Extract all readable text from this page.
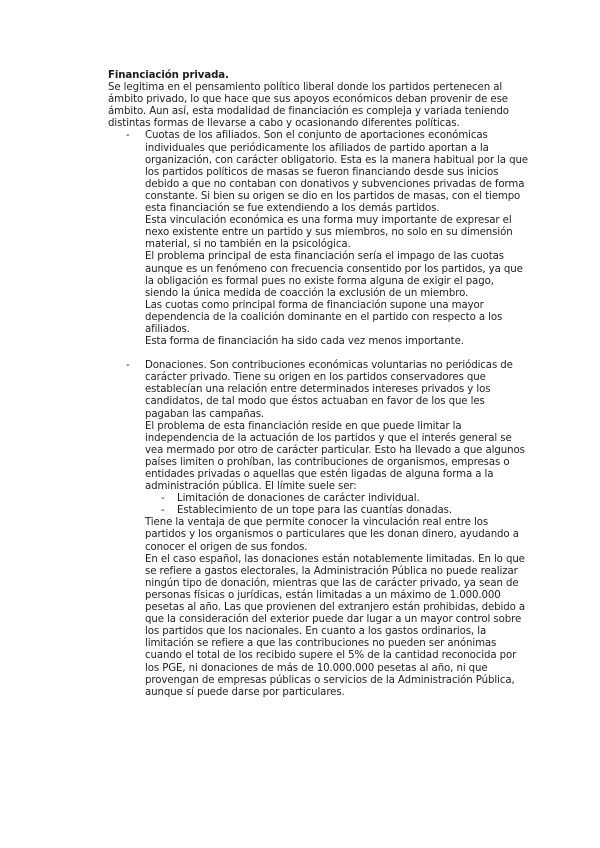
Financiación privada.

Se legitima en el pensamiento político liberal donde los partidos pertenecen al ámbito privado, lo que hace que sus apoyos económicos deban provenir de ese ámbito. Aun así, esta modalidad de financiación es compleja y variada teniendo distintas formas de llevarse a cabo y ocasionando diferentes políticas.

- Cuotas de los afiliados. Son el conjunto de aportaciones económicas individuales que periódicamente los afiliados de partido aportan a la organización, con carácter obligatorio. Esta es la manera habitual por la que los partidos políticos de masas se fueron financiando desde sus inicios debido a que no contaban con donativos y subvenciones privadas de forma constante. Si bien su origen se dio en los partidos de masas, con el tiempo esta financiación se fue extendiendo a los demás partidos.

Esta vinculación económica es una forma muy importante de expresar el nexo existente entre un partido y sus miembros, no solo en su dimensión material, si no también en la psicológica.

El problema principal de esta financiación sería el impago de las cuotas aunque es un fenómeno con frecuencia consentido por los partidos, ya que la obligación es formal pues no existe forma alguna de exigir el pago, siendo la única medida de coacción la exclusión de un miembro.

Las cuotas como principal forma de financiación supone una mayor dependencia de la coalición dominante en el partido con respecto a los afiliados.

Esta forma de financiación ha sido cada vez menos importante.

- Donaciones. Son contribuciones económicas voluntarias no periódicas de carácter privado. Tiene su origen en los partidos conservadores que establecían una relación entre determinados intereses privados y los candidatos, de tal modo que éstos actuaban en favor de los que les pagaban las campañas.

El problema de esta financiación reside en que puede limitar la independencia de la actuación de los partidos y que el interés general se vea mermado por otro de carácter particular. Esto ha llevado a que algunos países limiten o prohíban, las contribuciones de organismos, empresas o entidades privadas o aquellas que estén ligadas de alguna forma a la administración pública. El límite suele ser:

- Limitación de donaciones de carácter individual.
- Establecimiento de un tope para las cuantías donadas.

Tiene la ventaja de que permite conocer la vinculación real entre los partidos y los organismos o particulares que les donan dinero, ayudando a conocer el origen de sus fondos.

En el caso español, las donaciones están notablemente limitadas. En lo que se refiere a gastos electorales, la Administración Pública no puede realizar ningún tipo de donación, mientras que las de carácter privado, ya sean de personas físicas o jurídicas, están limitadas a un máximo de 1.000.000 pesetas al año. Las que provienen del extranjero están prohibidas, debido a que la consideración del exterior puede dar lugar a un mayor control sobre los partidos que los nacionales. En cuanto a los gastos ordinarios, la limitación se refiere a que las contribuciones no pueden ser anónimas cuando el total de los recibido supere el 5% de la cantidad reconocida por los PGE, ni donaciones de más de 10.000.000 pesetas al año, ni que provengan de empresas públicas o servicios de la Administración Pública, aunque sí puede darse por particulares.
